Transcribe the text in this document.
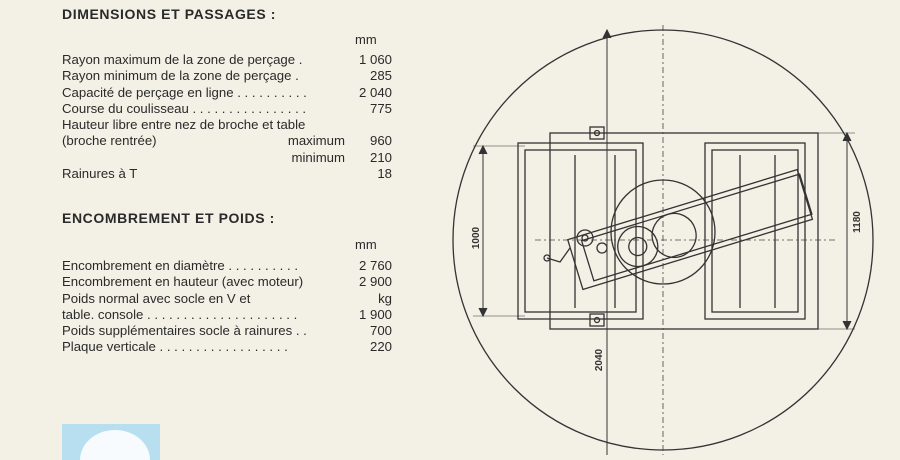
DIMENSIONS ET PASSAGES :
mm
Rayon maximum de la zone de perçage .	1 060
Rayon minimum de la zone de perçage .	285
Capacité de perçage en ligne . . . . . . . . . .	2 040
Course du coulisseau . . . . . . . . . . . . . . . .	775
Hauteur libre entre nez de broche et table
(broche rentrée)	maximum 960
minimum 210
Rainures à T	18
ENCOMBREMENT ET POIDS :
mm
Encombrement en diamètre . . . . . . . . . .	2 760
Encombrement en hauteur (avec moteur)	2 900
Poids normal avec socle en V et	kg
table. console . . . . . . . . . . . . . . . . . . . . .	1 900
Poids supplémentaires socle à rainures . .	700
Plaque verticale . . . . . . . . . . . . . . . . . .	220
1000
1180
2040
